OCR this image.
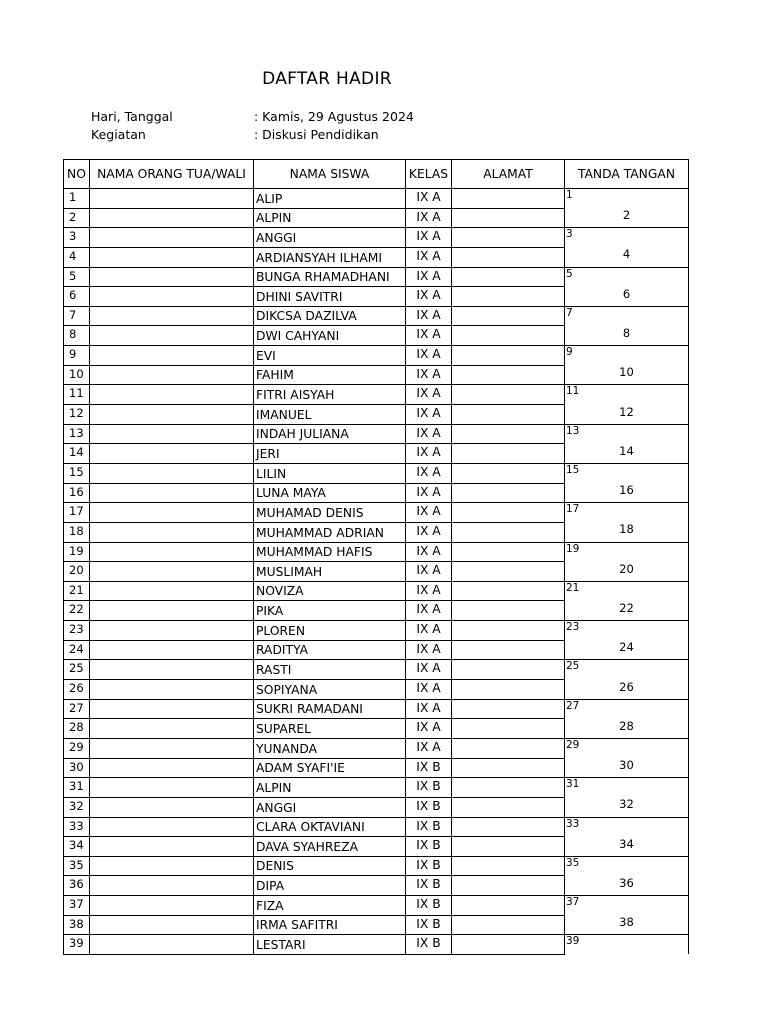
DAFTAR HADIR
Hari, Tanggal	: Kamis, 29 Agustus 2024
Kegiatan	: Diskusi Pendidikan
NO	NAMA ORANG TUA/WALI	NAMA SISWA	KELAS	ALAMAT	TANDA TANGAN
1		ALIP	IX A		1
2		ALPIN	IX A		2
3		ANGGI	IX A		3
4		ARDIANSYAH ILHAMI	IX A		4
5		BUNGA RHAMADHANI	IX A		5
6		DHINI SAVITRI	IX A		6
7		DIKCSA DAZILVA	IX A		7
8		DWI CAHYANI	IX A		8
9		EVI	IX A		9
10		FAHIM	IX A		10
11		FITRI AISYAH	IX A		11
12		IMANUEL	IX A		12
13		INDAH JULIANA	IX A		13
14		JERI	IX A		14
15		LILIN	IX A		15
16		LUNA MAYA	IX A		16
17		MUHAMAD DENIS	IX A		17
18		MUHAMMAD ADRIAN	IX A		18
19		MUHAMMAD HAFIS	IX A		19
20		MUSLIMAH	IX A		20
21		NOVIZA	IX A		21
22		PIKA	IX A		22
23		PLOREN	IX A		23
24		RADITYA	IX A		24
25		RASTI	IX A		25
26		SOPIYANA	IX A		26
27		SUKRI RAMADANI	IX A		27
28		SUPAREL	IX A		28
29		YUNANDA	IX A		29
30		ADAM SYAFI'IE	IX B		30
31		ALPIN	IX B		31
32		ANGGI	IX B		32
33		CLARA OKTAVIANI	IX B		33
34		DAVA SYAHREZA	IX B		34
35		DENIS	IX B		35
36		DIPA	IX B		36
37		FIZA	IX B		37
38		IRMA SAFITRI	IX B		38
39		LESTARI	IX B		39
